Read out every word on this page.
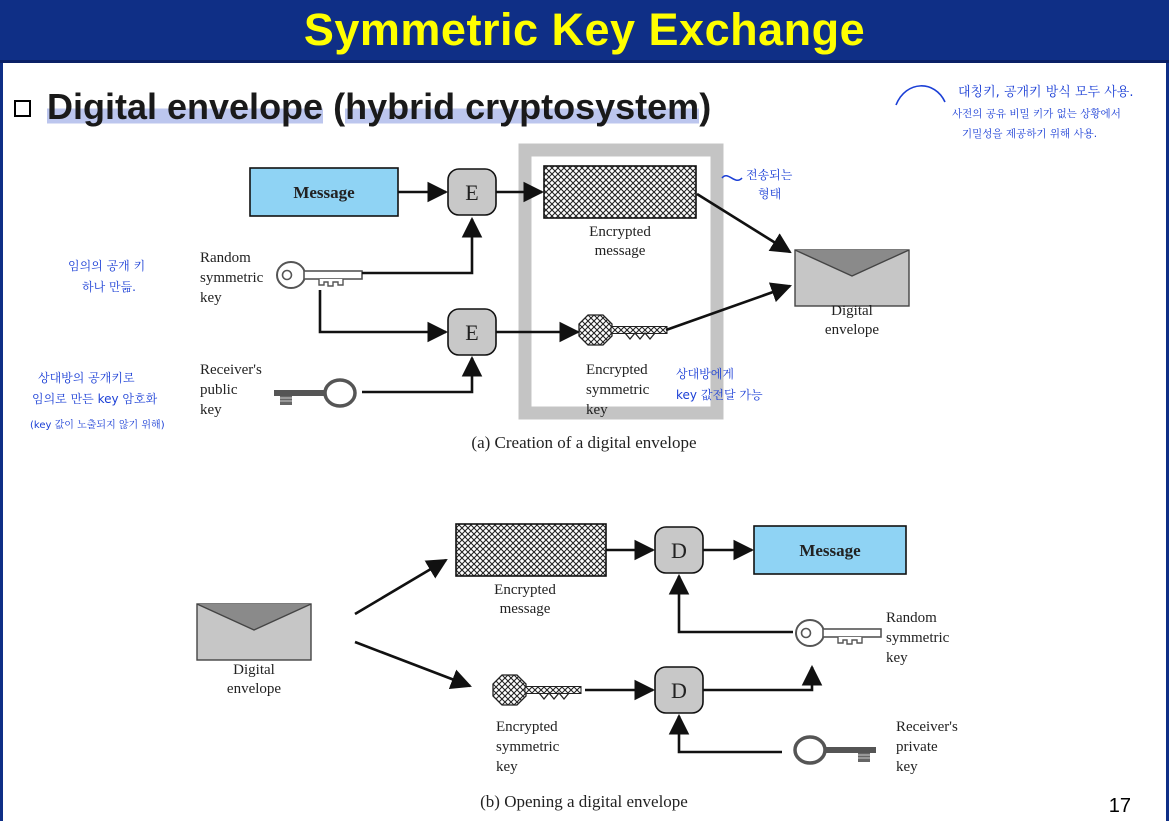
Symmetric Key Exchange
Digital envelope (hybrid cryptosystem)
Message	E
Encrypted
message
Random
symmetric
key
E
Encrypted
symmetric
key
Receiver's
public
key
Digital
envelope
(a) Creation of a digital envelope
Encrypted
message
D	Message
Digital
envelope
Random
symmetric
key
Encrypted
symmetric
key
D
Receiver's
private
key
(b) Opening a digital envelope
대칭키, 공개키 방식 모두 사용.
사전의 공유 비밀 키가 없는 상황에서
기밀성을 제공하기 위해 사용.
전송되는
형태
임의의 공개 키
하나 만듦.
상대방의 공개키로
임의로 만든 key 암호화
(key 값이 노출되지 않기 위해)
상대방에게
key 값전달 가능
17
